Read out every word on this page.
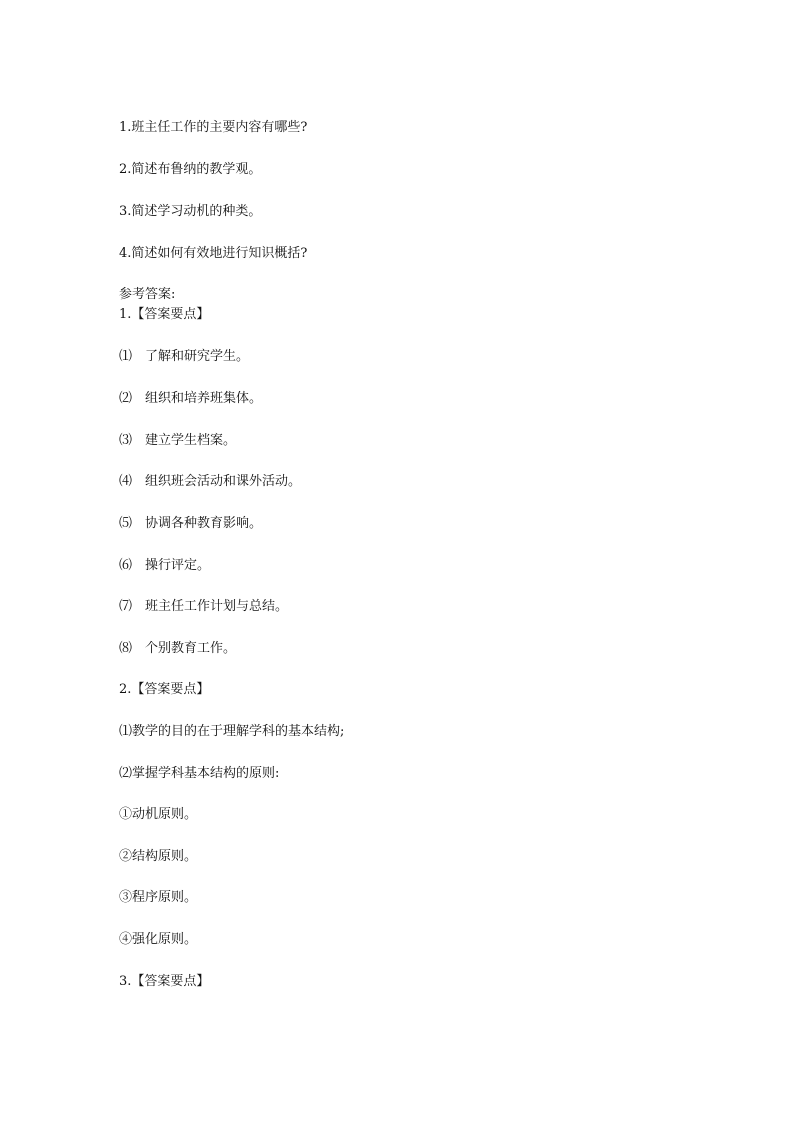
1.班主任工作的主要内容有哪些?
2.简述布鲁纳的教学观。
3.简述学习动机的种类。
4.简述如何有效地进行知识概括?
参考答案:
1.【答案要点】
⑴ 了解和研究学生。
⑵ 组织和培养班集体。
⑶ 建立学生档案。
⑷ 组织班会活动和课外活动。
⑸ 协调各种教育影响。
⑹ 操行评定。
⑺ 班主任工作计划与总结。
⑻ 个别教育工作。
2.【答案要点】
⑴教学的目的在于理解学科的基本结构;
⑵掌握学科基本结构的原则:
①动机原则。
②结构原则。
③程序原则。
④强化原则。
3.【答案要点】
